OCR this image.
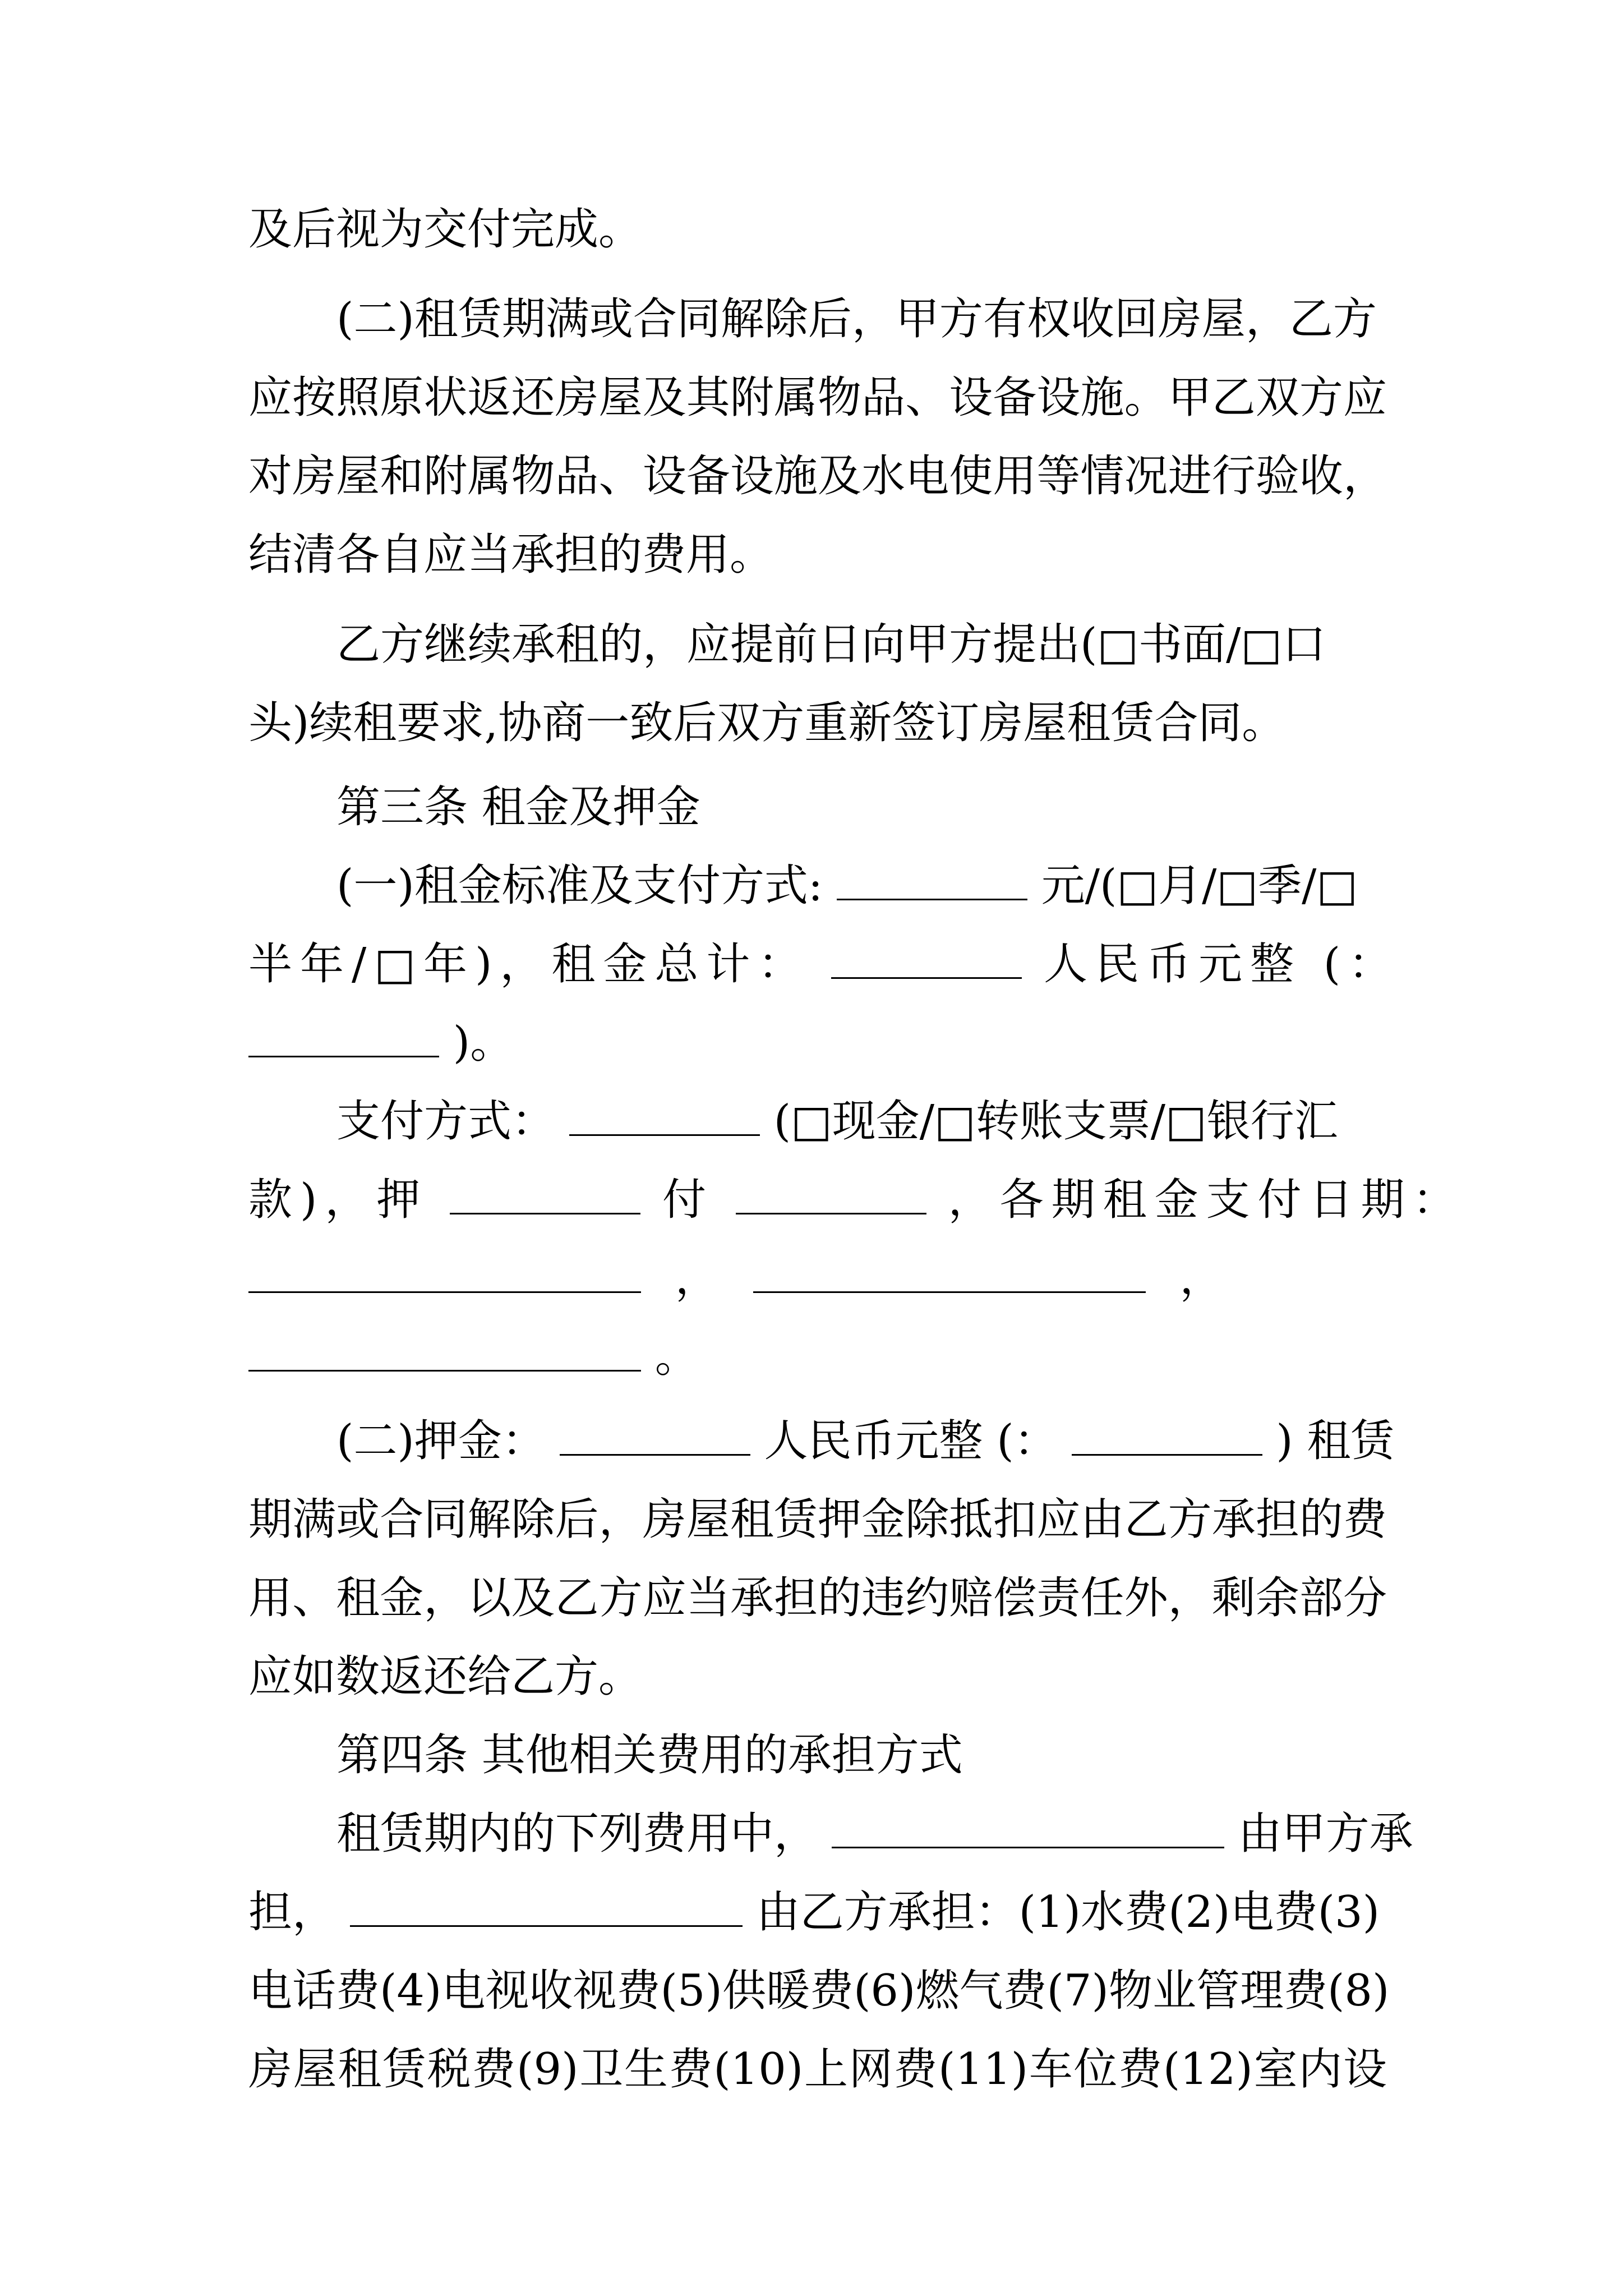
及后视为交付完成。
(二)租赁期满或合同解除后，甲方有权收回房屋，乙方
应按照原状返还房屋及其附属物品、设备设施。甲乙双方应
对房屋和附属物品、设备设施及水电使用等情况进行验收，
结清各自应当承担的费用。
乙方继续承租的，应提前日向甲方提出(□书面/□口
头)续租要求,协商一致后双方重新签订房屋租赁合同。
第三条 租金及押金
(一)租金标准及支付方式:	元/(□月/□季/□
半年/□年)，租金总计：	人民币元整 (：
)。
支付方式：	(□现金/□转账支票/□银行汇
款)，押	付	，各期租金支付日期：
，	，
。
(二)押金：	人民币元整 (：	) 租赁
期满或合同解除后，房屋租赁押金除抵扣应由乙方承担的费
用、租金，以及乙方应当承担的违约赔偿责任外，剩余部分
应如数返还给乙方。
第四条 其他相关费用的承担方式
租赁期内的下列费用中，	由甲方承
担，	由乙方承担：(1)水费(2)电费(3)
电话费(4)电视收视费(5)供暖费(6)燃气费(7)物业管理费(8)
房屋租赁税费(9)卫生费(10)上网费(11)车位费(12)室内设
